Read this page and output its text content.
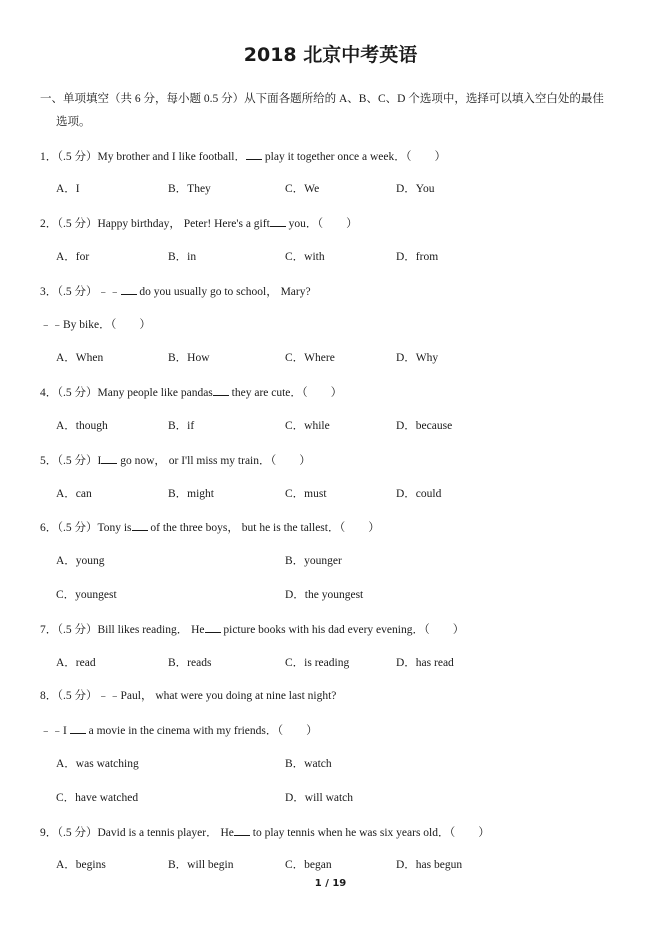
2018 北京中考英语
一、单项填空（共 6 分，每小题 0.5 分）从下面各题所给的 A、B、C、D 个选项中，选择可以填入空白处的最佳
选项。
1．（.5 分）My brother and I like football． play it together once a week．（　　）
A．I	B．They	C．We	D．You
2．（.5 分）Happy birthday， Peter! Here's a gift you．（　　）
A．for	B．in	C．with	D．from
3．（.5 分）﹣﹣ do you usually go to school， Mary?
﹣﹣By bike．（　　）
A．When	B．How	C．Where	D．Why
4．（.5 分）Many people like pandas they are cute．（　　）
A．though	B．if	C．while	D．because
5．（.5 分）I go now， or I'll miss my train．（　　）
A．can	B．might	C．must	D．could
6．（.5 分）Tony is of the three boys， but he is the tallest．（　　）
A．young	B．younger
C．youngest	D．the youngest
7．（.5 分）Bill likes reading． He picture books with his dad every evening．（　　）
A．read	B．reads	C．is reading	D．has read
8．（.5 分）﹣﹣Paul， what were you doing at nine last night?
﹣﹣I  a movie in the cinema with my friends．（　　）
A．was watching	B．watch
C．have watched	D．will watch
9．（.5 分）David is a tennis player． He to play tennis when he was six years old．（　　）
A．begins	B．will begin	C．began	D．has begun
1 / 19
